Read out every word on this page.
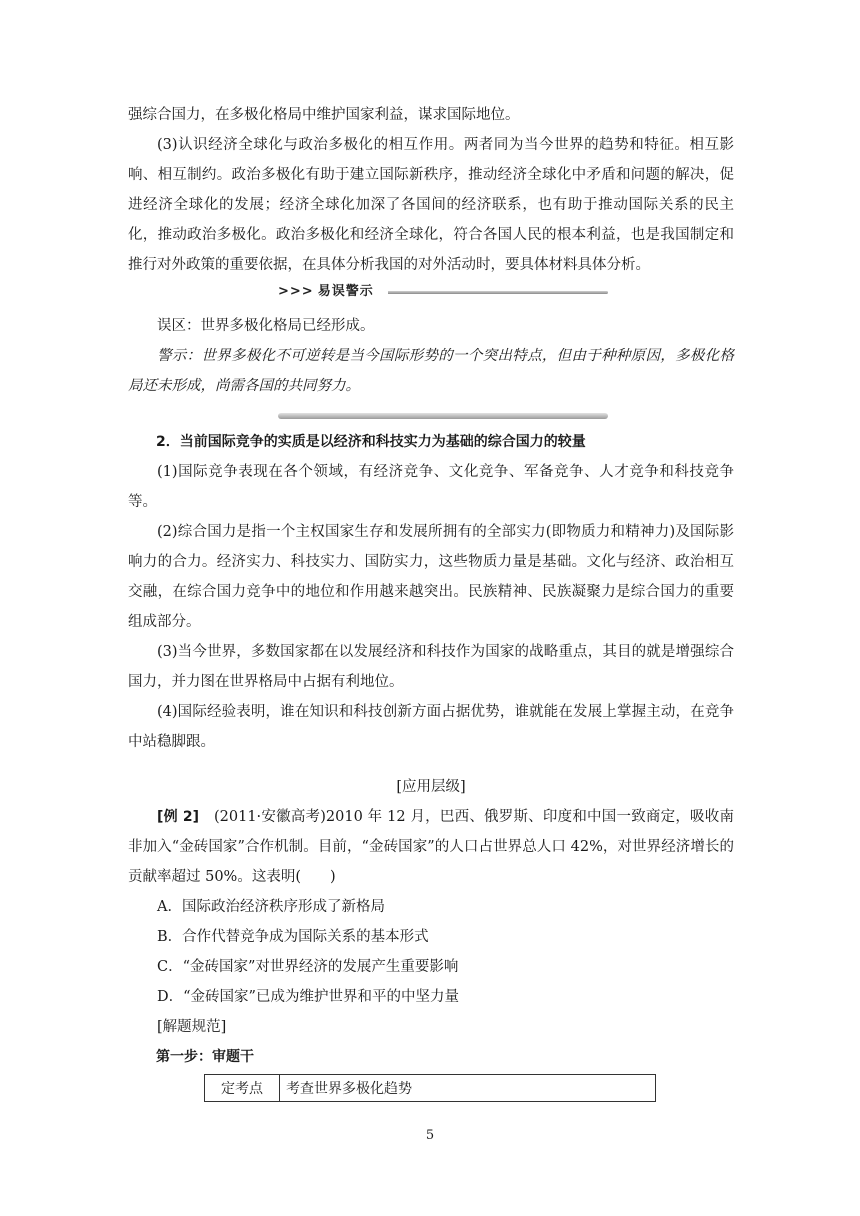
强综合国力，在多极化格局中维护国家利益，谋求国际地位。

(3)认识经济全球化与政治多极化的相互作用。两者同为当今世界的趋势和特征。相互影响、相互制约。政治多极化有助于建立国际新秩序，推动经济全球化中矛盾和问题的解决，促进经济全球化的发展；经济全球化加深了各国间的经济联系，也有助于推动国际关系的民主化，推动政治多极化。政治多极化和经济全球化，符合各国人民的根本利益，也是我国制定和推行对外政策的重要依据，在具体分析我国的对外活动时，要具体材料具体分析。

>>> 易误警示

误区：世界多极化格局已经形成。

警示：世界多极化不可逆转是当今国际形势的一个突出特点，但由于种种原因，多极化格局还未形成，尚需各国的共同努力。

2．当前国际竞争的实质是以经济和科技实力为基础的综合国力的较量

(1)国际竞争表现在各个领域，有经济竞争、文化竞争、军备竞争、人才竞争和科技竞争等。

(2)综合国力是指一个主权国家生存和发展所拥有的全部实力(即物质力和精神力)及国际影响力的合力。经济实力、科技实力、国防实力，这些物质力量是基础。文化与经济、政治相互交融，在综合国力竞争中的地位和作用越来越突出。民族精神、民族凝聚力是综合国力的重要组成部分。

(3)当今世界，多数国家都在以发展经济和科技作为国家的战略重点，其目的就是增强综合国力，并力图在世界格局中占据有利地位。

(4)国际经验表明，谁在知识和科技创新方面占据优势，谁就能在发展上掌握主动，在竞争中站稳脚跟。

[应用层级]

[例 2]　 (2011·安徽高考)2010 年 12 月，巴西、俄罗斯、印度和中国一致商定，吸收南非加入“金砖国家”合作机制。目前，“金砖国家”的人口占世界总人口 42%，对世界经济增长的贡献率超过 50%。这表明(　　)

A．国际政治经济秩序形成了新格局

B．合作代替竞争成为国际关系的基本形式

C．“金砖国家”对世界经济的发展产生重要影响

D．“金砖国家”已成为维护世界和平的中坚力量

[解题规范]

第一步：审题干

定考点	考查世界多极化趋势
5
